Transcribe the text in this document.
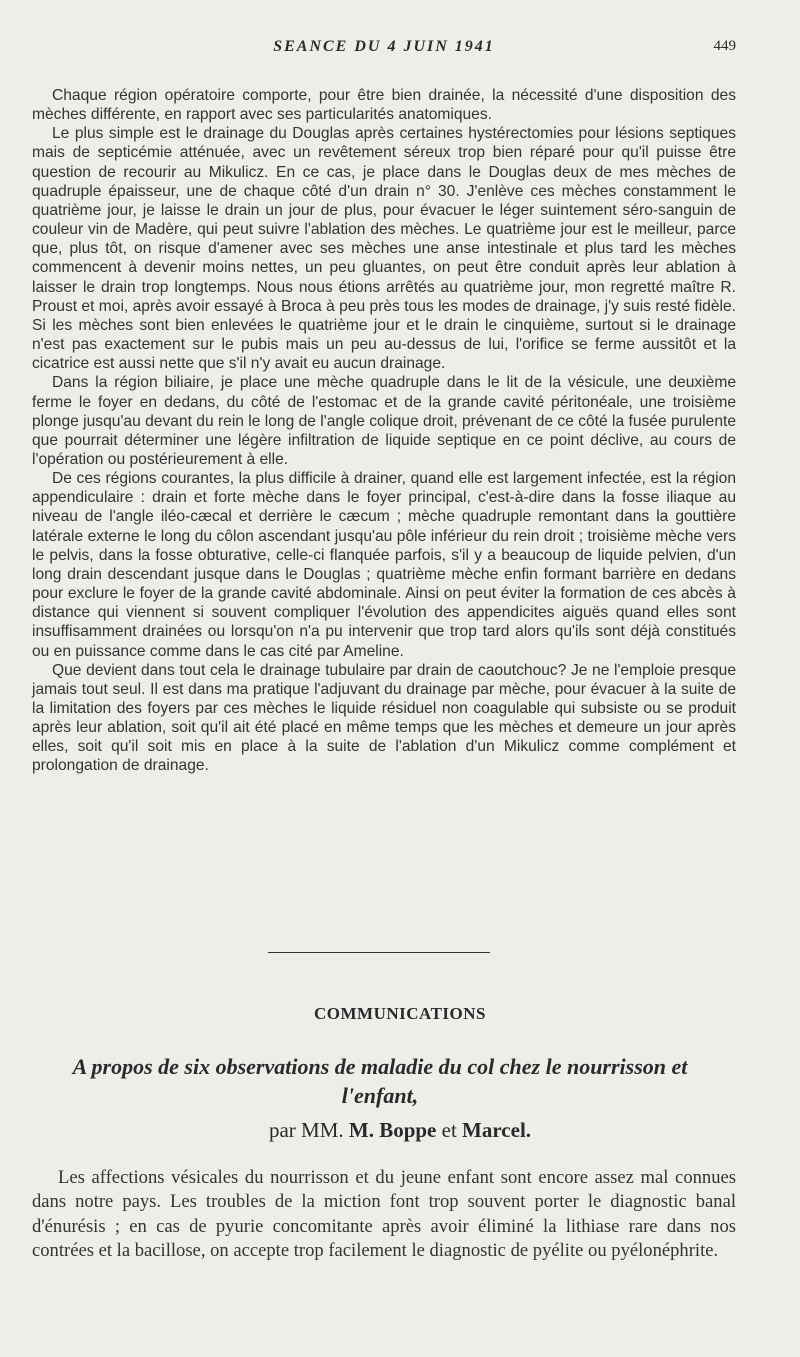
SEANCE DU 4 JUIN 1941	449

Chaque région opératoire comporte, pour être bien drainée, la nécessité d'une disposition des mèches différente, en rapport avec ses particularités anatomiques.

Le plus simple est le drainage du Douglas après certaines hystérectomies pour lésions septiques mais de septicémie atténuée, avec un revêtement séreux trop bien réparé pour qu'il puisse être question de recourir au Mikulicz. En ce cas, je place dans le Douglas deux de mes mèches de quadruple épaisseur, une de chaque côté d'un drain n° 30. J'enlève ces mèches constamment le quatrième jour, je laisse le drain un jour de plus, pour évacuer le léger suintement séro-sanguin de couleur vin de Madère, qui peut suivre l'ablation des mèches. Le quatrième jour est le meilleur, parce que, plus tôt, on risque d'amener avec ses mèches une anse intestinale et plus tard les mèches commencent à devenir moins nettes, un peu gluantes, on peut être conduit après leur ablation à laisser le drain trop longtemps. Nous nous étions arrêtés au quatrième jour, mon regretté maître R. Proust et moi, après avoir essayé à Broca à peu près tous les modes de drainage, j'y suis resté fidèle. Si les mèches sont bien enlevées le quatrième jour et le drain le cinquième, surtout si le drainage n'est pas exactement sur le pubis mais un peu au-dessus de lui, l'orifice se ferme aussitôt et la cicatrice est aussi nette que s'il n'y avait eu aucun drainage.

Dans la région biliaire, je place une mèche quadruple dans le lit de la vésicule, une deuxième ferme le foyer en dedans, du côté de l'estomac et de la grande cavité péritonéale, une troisième plonge jusqu'au devant du rein le long de l'angle colique droit, prévenant de ce côté la fusée purulente que pourrait déterminer une légère infiltration de liquide septique en ce point déclive, au cours de l'opération ou postérieurement à elle.

De ces régions courantes, la plus difficile à drainer, quand elle est largement infectée, est la région appendiculaire : drain et forte mèche dans le foyer principal, c'est-à-dire dans la fosse iliaque au niveau de l'angle iléo-cæcal et derrière le cæcum ; mèche quadruple remontant dans la gouttière latérale externe le long du côlon ascendant jusqu'au pôle inférieur du rein droit ; troisième mèche vers le pelvis, dans la fosse obturative, celle-ci flanquée parfois, s'il y a beaucoup de liquide pelvien, d'un long drain descendant jusque dans le Douglas ; quatrième mèche enfin formant barrière en dedans pour exclure le foyer de la grande cavité abdominale. Ainsi on peut éviter la formation de ces abcès à distance qui viennent si souvent compliquer l'évolution des appendicites aiguës quand elles sont insuffisamment drainées ou lorsqu'on n'a pu intervenir que trop tard alors qu'ils sont déjà constitués ou en puissance comme dans le cas cité par Ameline.

Que devient dans tout cela le drainage tubulaire par drain de caoutchouc? Je ne l'emploie presque jamais tout seul. Il est dans ma pratique l'adjuvant du drainage par mèche, pour évacuer à la suite de la limitation des foyers par ces mèches le liquide résiduel non coagulable qui subsiste ou se produit après leur ablation, soit qu'il ait été placé en même temps que les mèches et demeure un jour après elles, soit qu'il soit mis en place à la suite de l'ablation d'un Mikulicz comme complément et prolongation de drainage.

COMMUNICATIONS
A propos de six observations de maladie du col chez le nourrisson et l'enfant,
par MM. M. Boppe et Marcel.

Les affections vésicales du nourrisson et du jeune enfant sont encore assez mal connues dans notre pays. Les troubles de la miction font trop souvent porter le diagnostic banal d'énurésis ; en cas de pyurie concomitante après avoir éliminé la lithiase rare dans nos contrées et la bacillose, on accepte trop facilement le diagnostic de pyélite ou pyélonéphrite.
